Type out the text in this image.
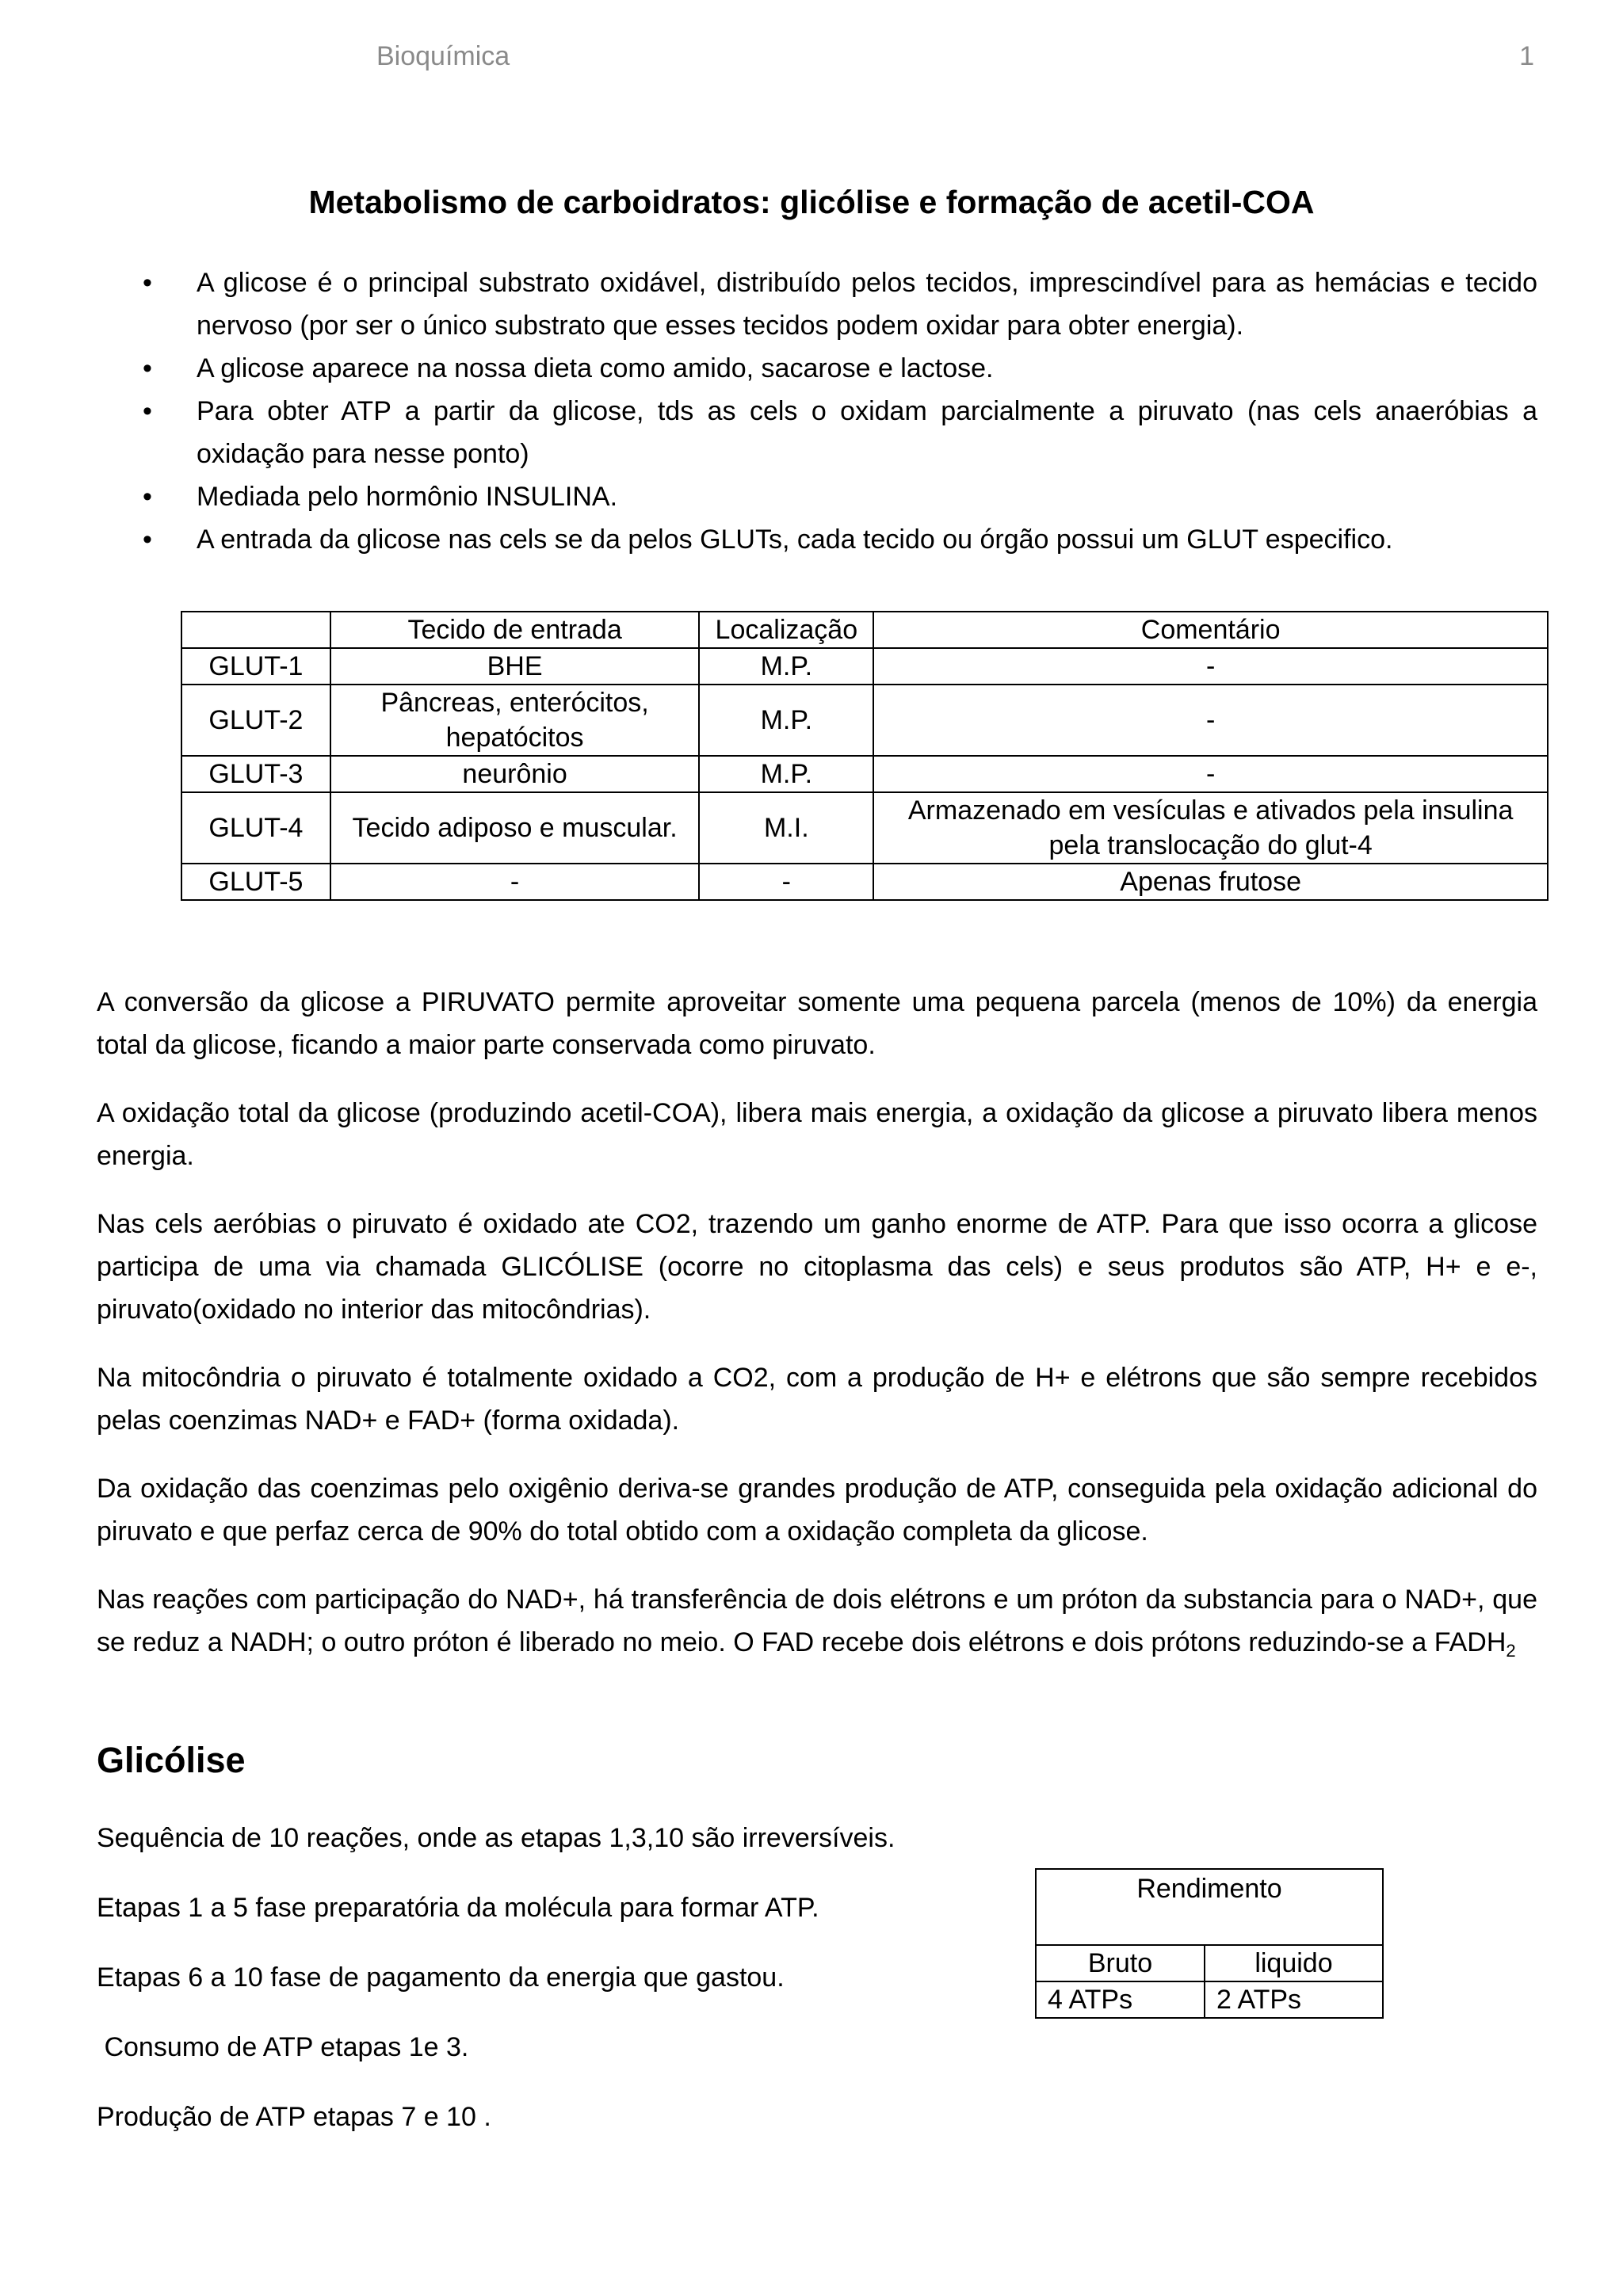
Bioquímica	1
Metabolismo de carboidratos: glicólise e formação de acetil-COA
• A glicose é o principal substrato oxidável, distribuído pelos tecidos, imprescindível para as hemácias e tecido nervoso (por ser o único substrato que esses tecidos podem oxidar para obter energia).
• A glicose aparece na nossa dieta como amido, sacarose e lactose.
• Para obter ATP a partir da glicose, tds as cels o oxidam parcialmente a piruvato (nas cels anaeróbias a oxidação para nesse ponto)
• Mediada pelo hormônio INSULINA.
• A entrada da glicose nas cels se da pelos GLUTs, cada tecido ou órgão possui um GLUT especifico.
	Tecido de entrada	Localização	Comentário
GLUT-1	BHE	M.P.	-
GLUT-2	Pâncreas, enterócitos, hepatócitos	M.P.	-
GLUT-3	neurônio	M.P.	-
GLUT-4	Tecido adiposo e muscular.	M.I.	Armazenado em vesículas e ativados pela insulina pela translocação do glut-4
GLUT-5	-	-	Apenas frutose

A conversão da glicose a PIRUVATO permite aproveitar somente uma pequena parcela (menos de 10%) da energia total da glicose, ficando a maior parte conservada como piruvato.

A oxidação total da glicose (produzindo acetil-COA), libera mais energia, a oxidação da glicose a piruvato libera menos energia.

Nas cels aeróbias o piruvato é oxidado ate CO2, trazendo um ganho enorme de ATP. Para que isso ocorra a glicose participa de uma via chamada GLICÓLISE (ocorre no citoplasma das cels) e seus produtos são ATP, H+ e e-, piruvato(oxidado no interior das mitocôndrias).

Na mitocôndria o piruvato é totalmente oxidado a CO2, com a produção de H+ e elétrons que são sempre recebidos pelas coenzimas NAD+ e FAD+ (forma oxidada).

Da oxidação das coenzimas pelo oxigênio deriva-se grandes produção de ATP, conseguida pela oxidação adicional do piruvato e que perfaz cerca de 90% do total obtido com a oxidação completa da glicose.

Nas reações com participação do NAD+, há transferência de dois elétrons e um próton da substancia para o NAD+, que se reduz a NADH; o outro próton é liberado no meio. O FAD recebe dois elétrons e dois prótons reduzindo-se a $FADH_2$

Glicólise

Sequência de 10 reações, onde as etapas 1,3,10 são irreversíveis.

Etapas 1 a 5 fase preparatória da molécula para formar ATP.

Etapas 6 a 10 fase de pagamento da energia que gastou.

Consumo de ATP etapas 1e 3.

Produção de ATP etapas 7 e 10 .

Rendimento	
Bruto	liquido
4 ATPs	2 ATPs
